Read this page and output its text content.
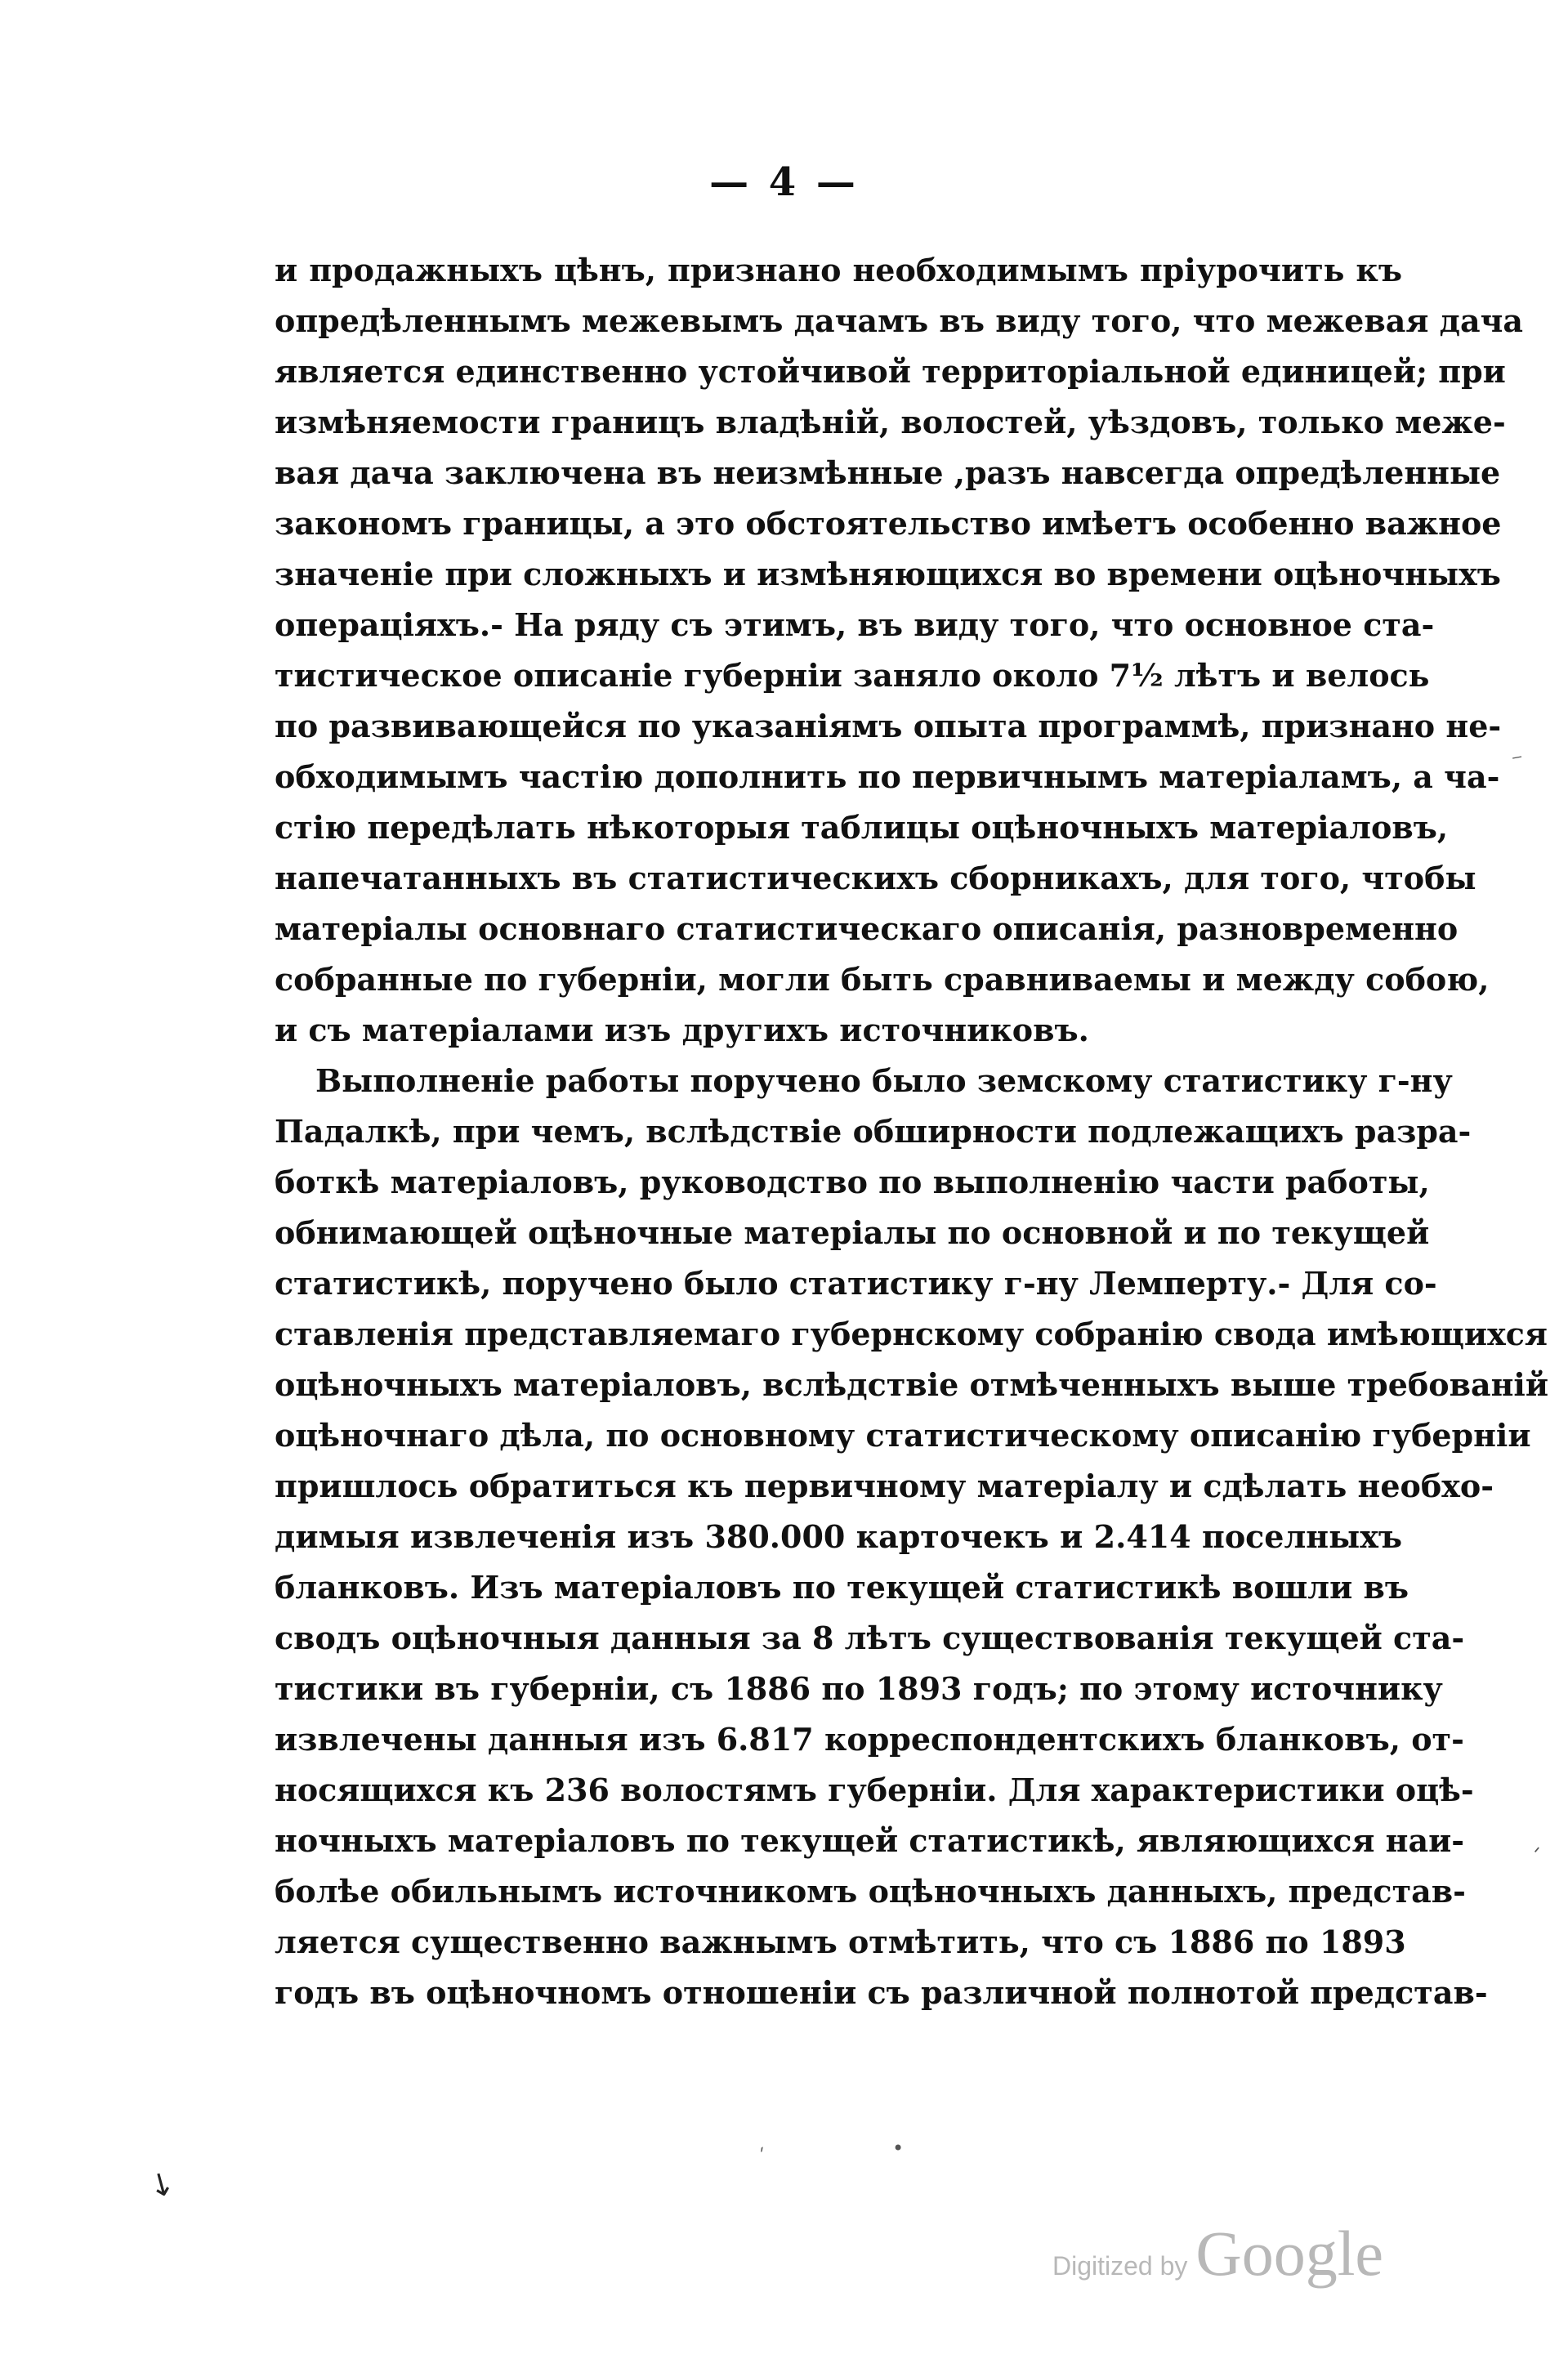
— 4 —
и продажныхъ цѣнъ, признано необходимымъ пріурочить къ
опредѣленнымъ межевымъ дачамъ въ виду того, что межевая дача
является единственно устойчивой территоріальной единицей; при
измѣняемости границъ владѣній, волостей, уѣздовъ, только меже-
вая дача заключена въ неизмѣнные ,разъ навсегда опредѣленные
закономъ границы, а это обстоятельство имѣетъ особенно важное
значеніе при сложныхъ и измѣняющихся во времени оцѣночныхъ
операціяхъ.- На ряду съ этимъ, въ виду того, что основное ста-
тистическое описаніе губерніи заняло около 7½ лѣтъ и велось
по развивающейся по указаніямъ опыта программѣ, признано не-
обходимымъ частію дополнить по первичнымъ матеріаламъ, а ча-
стію передѣлать нѣкоторыя таблицы оцѣночныхъ матеріаловъ,
напечатанныхъ въ статистическихъ сборникахъ, для того, чтобы
матеріалы основнаго статистическаго описанія, разновременно
собранные по губерніи, могли быть сравниваемы и между собою,
и съ матеріалами изъ другихъ источниковъ.
Выполненіе работы поручено было земскому статистику г-ну
Падалкѣ, при чемъ, вслѣдствіе обширности подлежащихъ разра-
боткѣ матеріаловъ, руководство по выполненію части работы,
обнимающей оцѣночные матеріалы по основной и по текущей
статистикѣ, поручено было статистику г-ну Лемперту.- Для со-
ставленія представляемаго губернскому собранію свода имѣющихся
оцѣночныхъ матеріаловъ, вслѣдствіе отмѣченныхъ выше требованій
оцѣночнаго дѣла, по основному статистическому описанію губерніи
пришлось обратиться къ первичному матеріалу и сдѣлать необхо-
димыя извлеченія изъ 380.000 карточекъ и 2.414 поселныхъ
бланковъ. Изъ матеріаловъ по текущей статистикѣ вошли въ
сводъ оцѣночныя данныя за 8 лѣтъ существованія текущей ста-
тистики въ губерніи, съ 1886 по 1893 годъ; по этому источнику
извлечены данныя изъ 6.817 корреспондентскихъ бланковъ, от-
носящихся къ 236 волостямъ губерніи. Для характеристики оцѣ-
ночныхъ матеріаловъ по текущей статистикѣ, являющихся наи-
болѣе обильнымъ источникомъ оцѣночныхъ данныхъ, представ-
ляется существенно важнымъ отмѣтить, что съ 1886 по 1893
годъ въ оцѣночномъ отношеніи съ различной полнотой представ-
⁻
ˈ
↘
ˊ	•
Digitized by Google
